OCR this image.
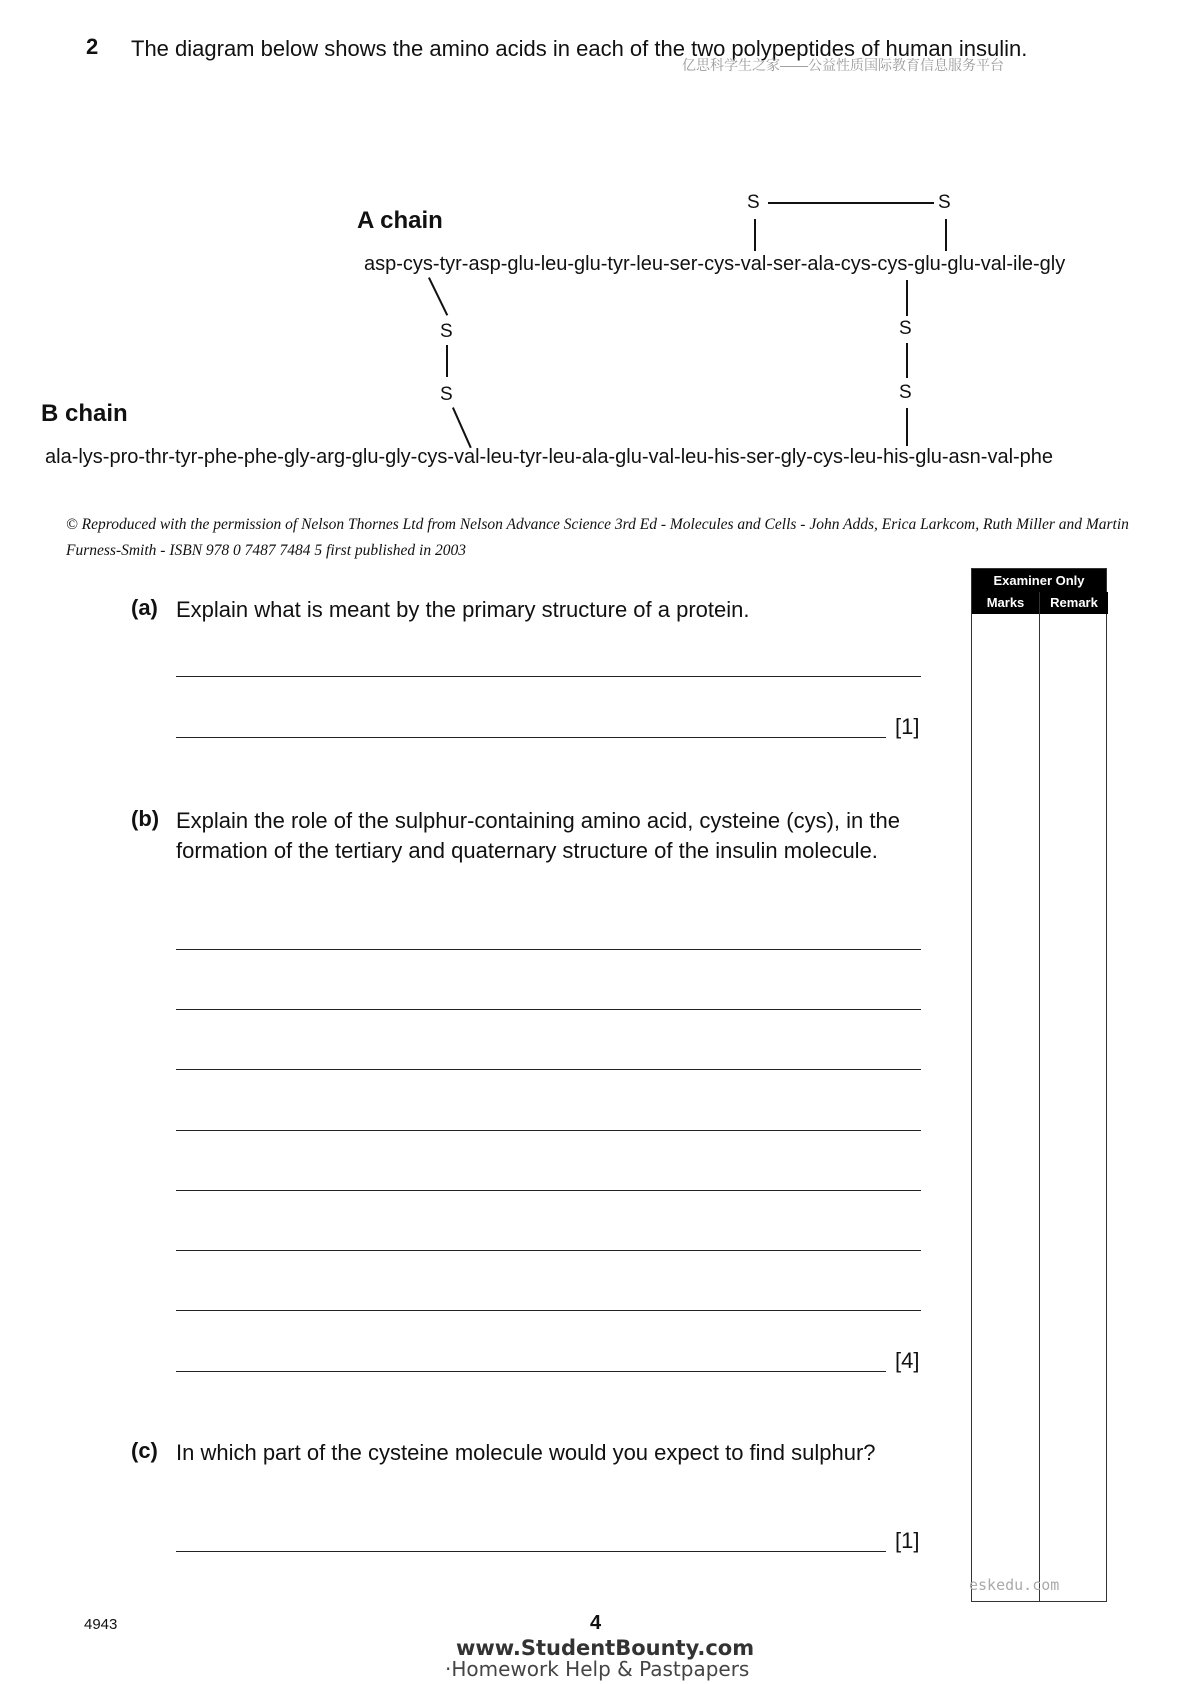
2 The diagram below shows the amino acids in each of the two polypeptides of human insulin.
亿思科学生之家——公益性质国际教育信息服务平台
A chain
asp-cys-tyr-asp-glu-leu-glu-tyr-leu-ser-cys-val-ser-ala-cys-cys-glu-glu-val-ile-gly
S	S
S
S
S
S
B chain
ala-lys-pro-thr-tyr-phe-phe-gly-arg-glu-gly-cys-val-leu-tyr-leu-ala-glu-val-leu-his-ser-gly-cys-leu-his-glu-asn-val-phe
© Reproduced with the permission of Nelson Thornes Ltd from Nelson Advance Science 3rd Ed - Molecules and Cells - John Adds, Erica Larkcom, Ruth Miller and Martin Furness-Smith - ISBN 978 0 7487 7484 5 first published in 2003
(a) Explain what is meant by the primary structure of a protein.
[1]
(b) Explain the role of the sulphur-containing amino acid, cysteine (cys), in the formation of the tertiary and quaternary structure of the insulin molecule.
[4]
(c) In which part of the cysteine molecule would you expect to find sulphur?
[1]
Examiner Only
Marks	Remark
eskedu.com
4943	4
www.StudentBounty.com
·Homework Help & Pastpapers
